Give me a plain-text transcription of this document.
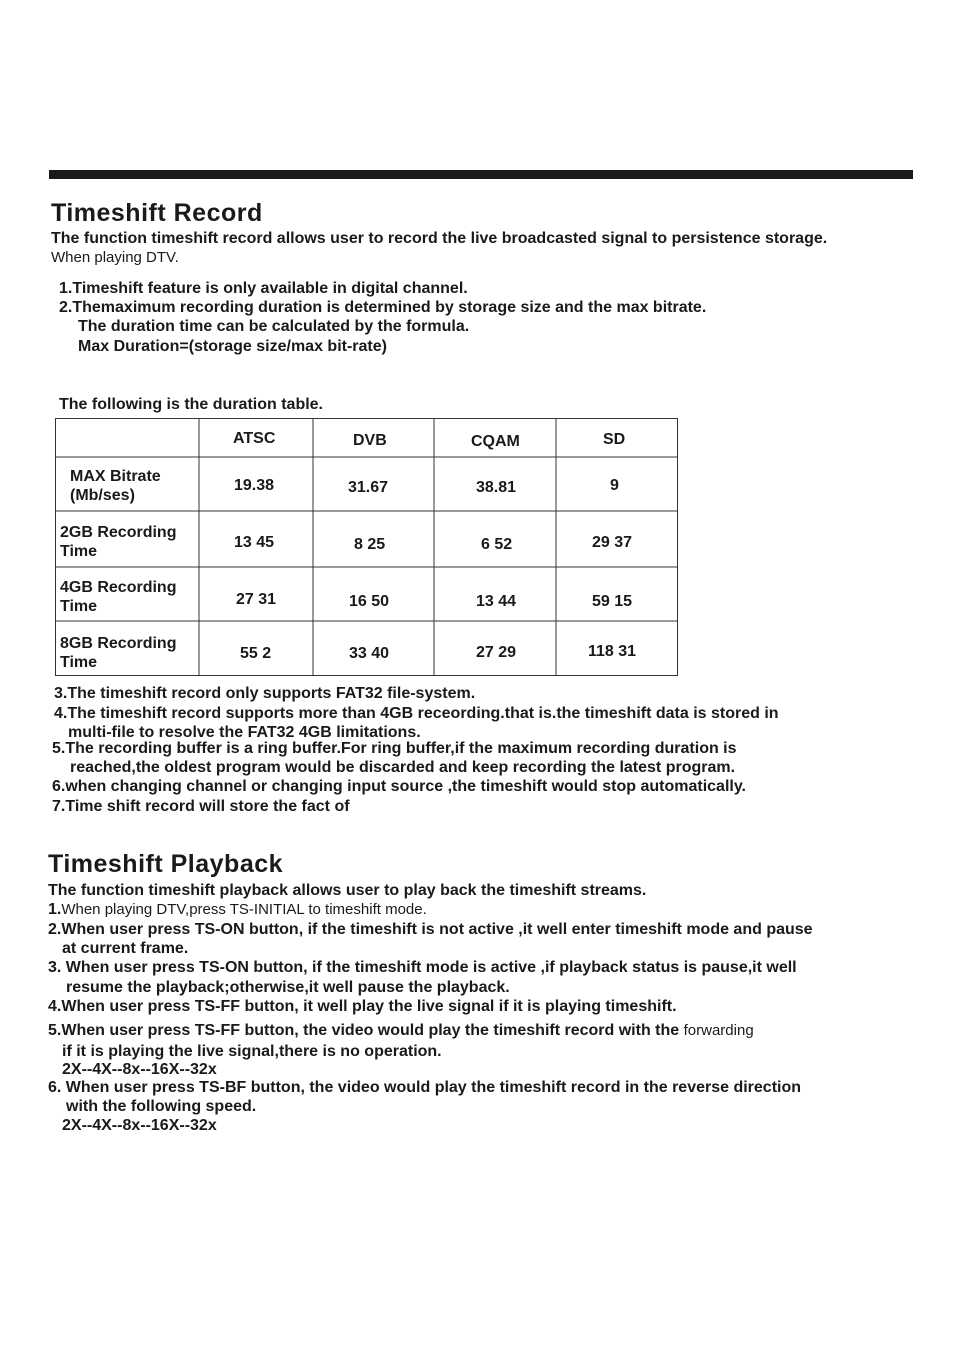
Timeshift Record
The function timeshift record allows user to record the live broadcasted signal to persistence storage.
When playing DTV.
1.Timeshift feature is only available in digital channel.
2.Themaximum recording duration is determined by storage size and the max bitrate.
The duration time can be calculated by the formula.
Max Duration=(storage size/max bit-rate)
The following is the duration table.
ATSC	DVB	CQAM	SD
MAX Bitrate
(Mb/ses)
19.38	31.67	38.81	9
2GB Recording
Time
13 45	8 25	6 52	29 37
4GB Recording
Time	27 31	16 50	13 44	59 15
8GB Recording
Time
55 2	33 40	27 29	118 31
3.The timeshift record only supports FAT32 file-system.
4.The timeshift record supports more than 4GB receording.that is.the timeshift data is stored in
multi-file to resolve the FAT32 4GB limitations.
5.The recording buffer is a ring buffer.For ring buffer,if the maximum recording duration is
reached,the oldest program would be discarded and keep recording the latest program.
6.when changing channel or changing input source ,the timeshift would stop automatically.
7.Time shift record will store the fact of
Timeshift Playback
The function timeshift playback allows user to play back the timeshift streams.
1.When playing DTV,press TS-INITIAL to timeshift mode.
2.When user press TS-ON button, if the timeshift is not active ,it well enter timeshift mode and pause
at current frame.
3. When user press TS-ON button, if the timeshift mode is active ,if playback status is pause,it well
resume the playback;otherwise,it well pause the playback.
4.When user press TS-FF button, it well play the live signal if it is playing timeshift.
5.When user press TS-FF button, the video would play the timeshift record with the forwarding
if it is playing the live signal,there is no operation.
2X--4X--8x--16X--32x
6. When user press TS-BF button, the video would play the timeshift record in the reverse direction
with the following speed.
2X--4X--8x--16X--32x
